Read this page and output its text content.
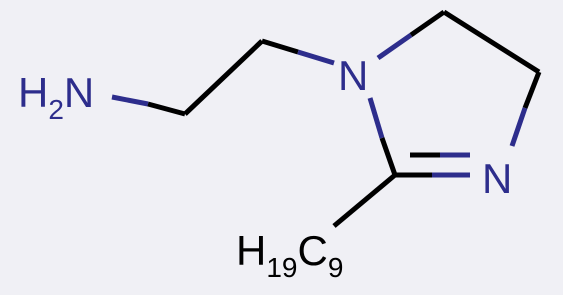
$H_2N$	N
N
$H_{19}C_9$
